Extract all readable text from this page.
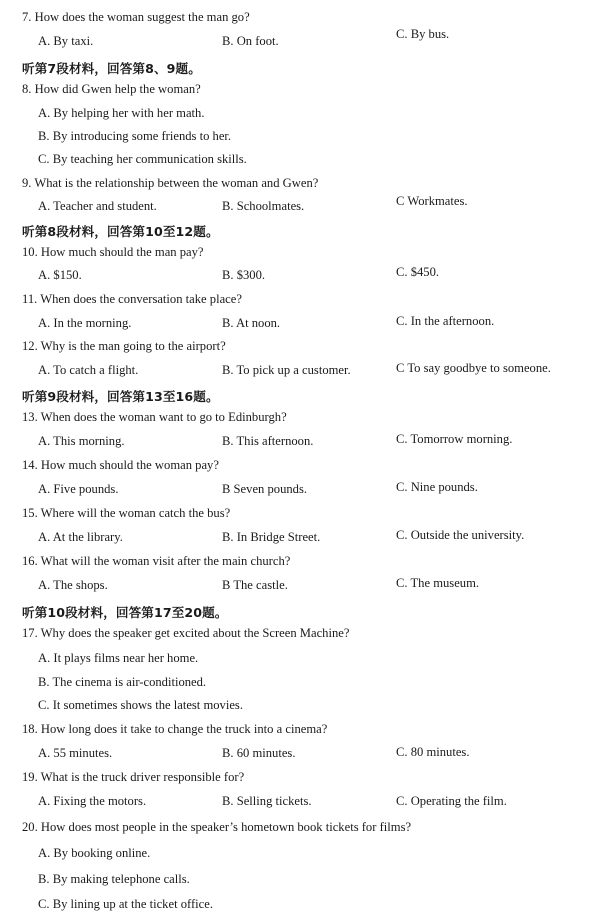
7. How does the woman suggest the man go?
A. By taxi.	B. On foot.	C. By bus.
听第7段材料，回答第8、9题。
8. How did Gwen help the woman?
A. By helping her with her math.
B. By introducing some friends to her.
C. By teaching her communication skills.
9. What is the relationship between the woman and Gwen?
A. Teacher and student.	B. Schoolmates.	C Workmates.
听第8段材料，回答第10至12题。
10. How much should the man pay?
A. $150.	B. $300.	C. $450.
11. When does the conversation take place?
A. In the morning.	B. At noon.	C. In the afternoon.
12. Why is the man going to the airport?
A. To catch a flight.	B. To pick up a customer.	C To say goodbye to someone.
听第9段材料，回答第13至16题。
13. When does the woman want to go to Edinburgh?
A. This morning.	B. This afternoon.	C. Tomorrow morning.
14. How much should the woman pay?
A. Five pounds.	B Seven pounds.	C. Nine pounds.
15. Where will the woman catch the bus?
A. At the library.	B. In Bridge Street.	C. Outside the university.
16. What will the woman visit after the main church?
A. The shops.	B The castle.	C. The museum.
听第10段材料，回答第17至20题。
17. Why does the speaker get excited about the Screen Machine?
A. It plays films near her home.
B. The cinema is air-conditioned.
C. It sometimes shows the latest movies.
18. How long does it take to change the truck into a cinema?
A. 55 minutes.	B. 60 minutes.	C. 80 minutes.
19. What is the truck driver responsible for?
A. Fixing the motors.	B. Selling tickets.	C. Operating the film.
20. How does most people in the speaker’s hometown book tickets for films?
A. By booking online.
B. By making telephone calls.
C. By lining up at the ticket office.
